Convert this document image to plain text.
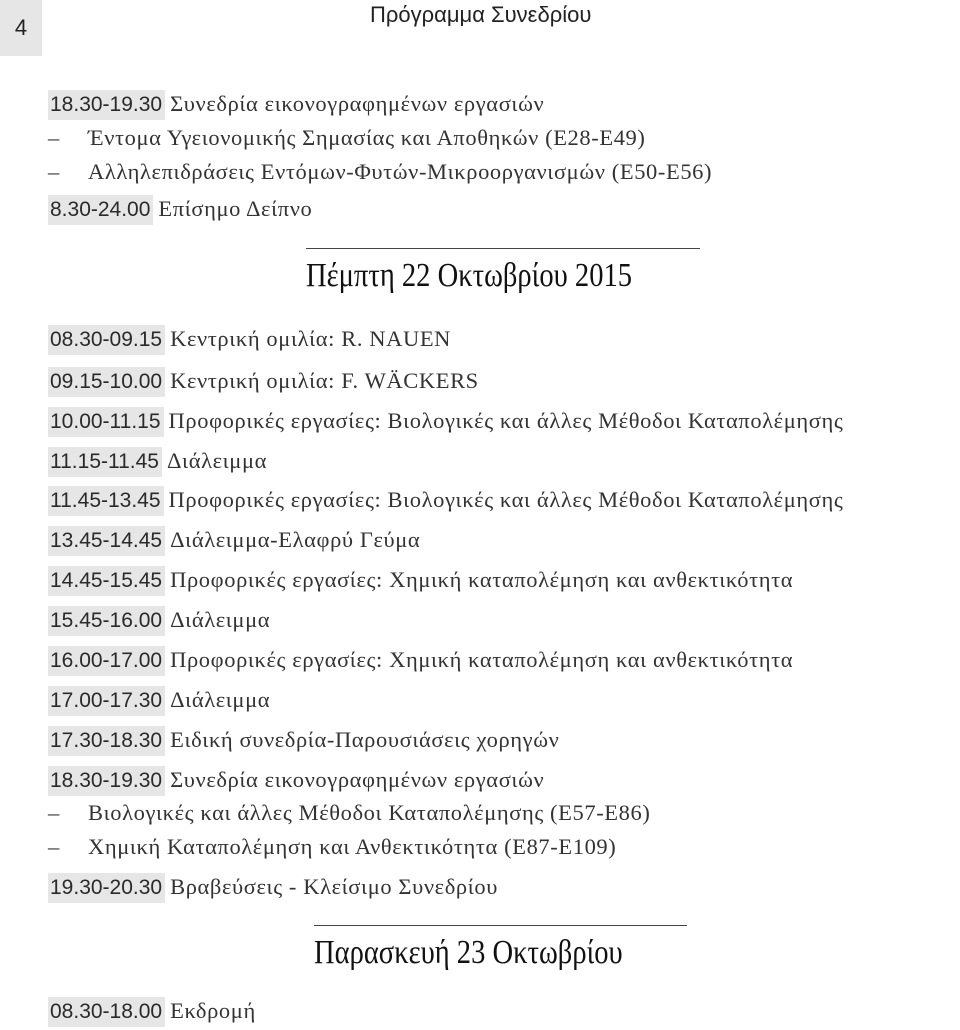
4
Πρόγραμμα Συνεδρίου
18.30-19.30 Συνεδρία εικονογραφημένων εργασιών
– Έντομα Υγειονομικής Σημασίας και Αποθηκών (Ε28-Ε49)
– Αλληλεπιδράσεις Εντόμων-Φυτών-Μικροοργανισμών (Ε50-Ε56)
8.30-24.00 Επίσημο Δείπνο
Πέμπτη 22 Οκτωβρίου 2015
08.30-09.15 Κεντρική ομιλία: R. NAUEN
09.15-10.00 Κεντρική ομιλία: F. WÄCKERS
10.00-11.15 Προφορικές εργασίες: Βιολογικές και άλλες Μέθοδοι Καταπολέμησης
11.15-11.45 Διάλειμμα
11.45-13.45 Προφορικές εργασίες: Βιολογικές και άλλες Μέθοδοι Καταπολέμησης
13.45-14.45 Διάλειμμα-Ελαφρύ Γεύμα
14.45-15.45 Προφορικές εργασίες: Χημική καταπολέμηση και ανθεκτικότητα
15.45-16.00 Διάλειμμα
16.00-17.00 Προφορικές εργασίες: Χημική καταπολέμηση και ανθεκτικότητα
17.00-17.30 Διάλειμμα
17.30-18.30 Ειδική συνεδρία-Παρουσιάσεις χορηγών
18.30-19.30 Συνεδρία εικονογραφημένων εργασιών
– Βιολογικές και άλλες Μέθοδοι Καταπολέμησης (Ε57-Ε86)
– Χημική Καταπολέμηση και Ανθεκτικότητα (Ε87-Ε109)
19.30-20.30 Βραβεύσεις - Κλείσιμο Συνεδρίου
Παρασκευή 23 Οκτωβρίου
08.30-18.00 Εκδρομή
